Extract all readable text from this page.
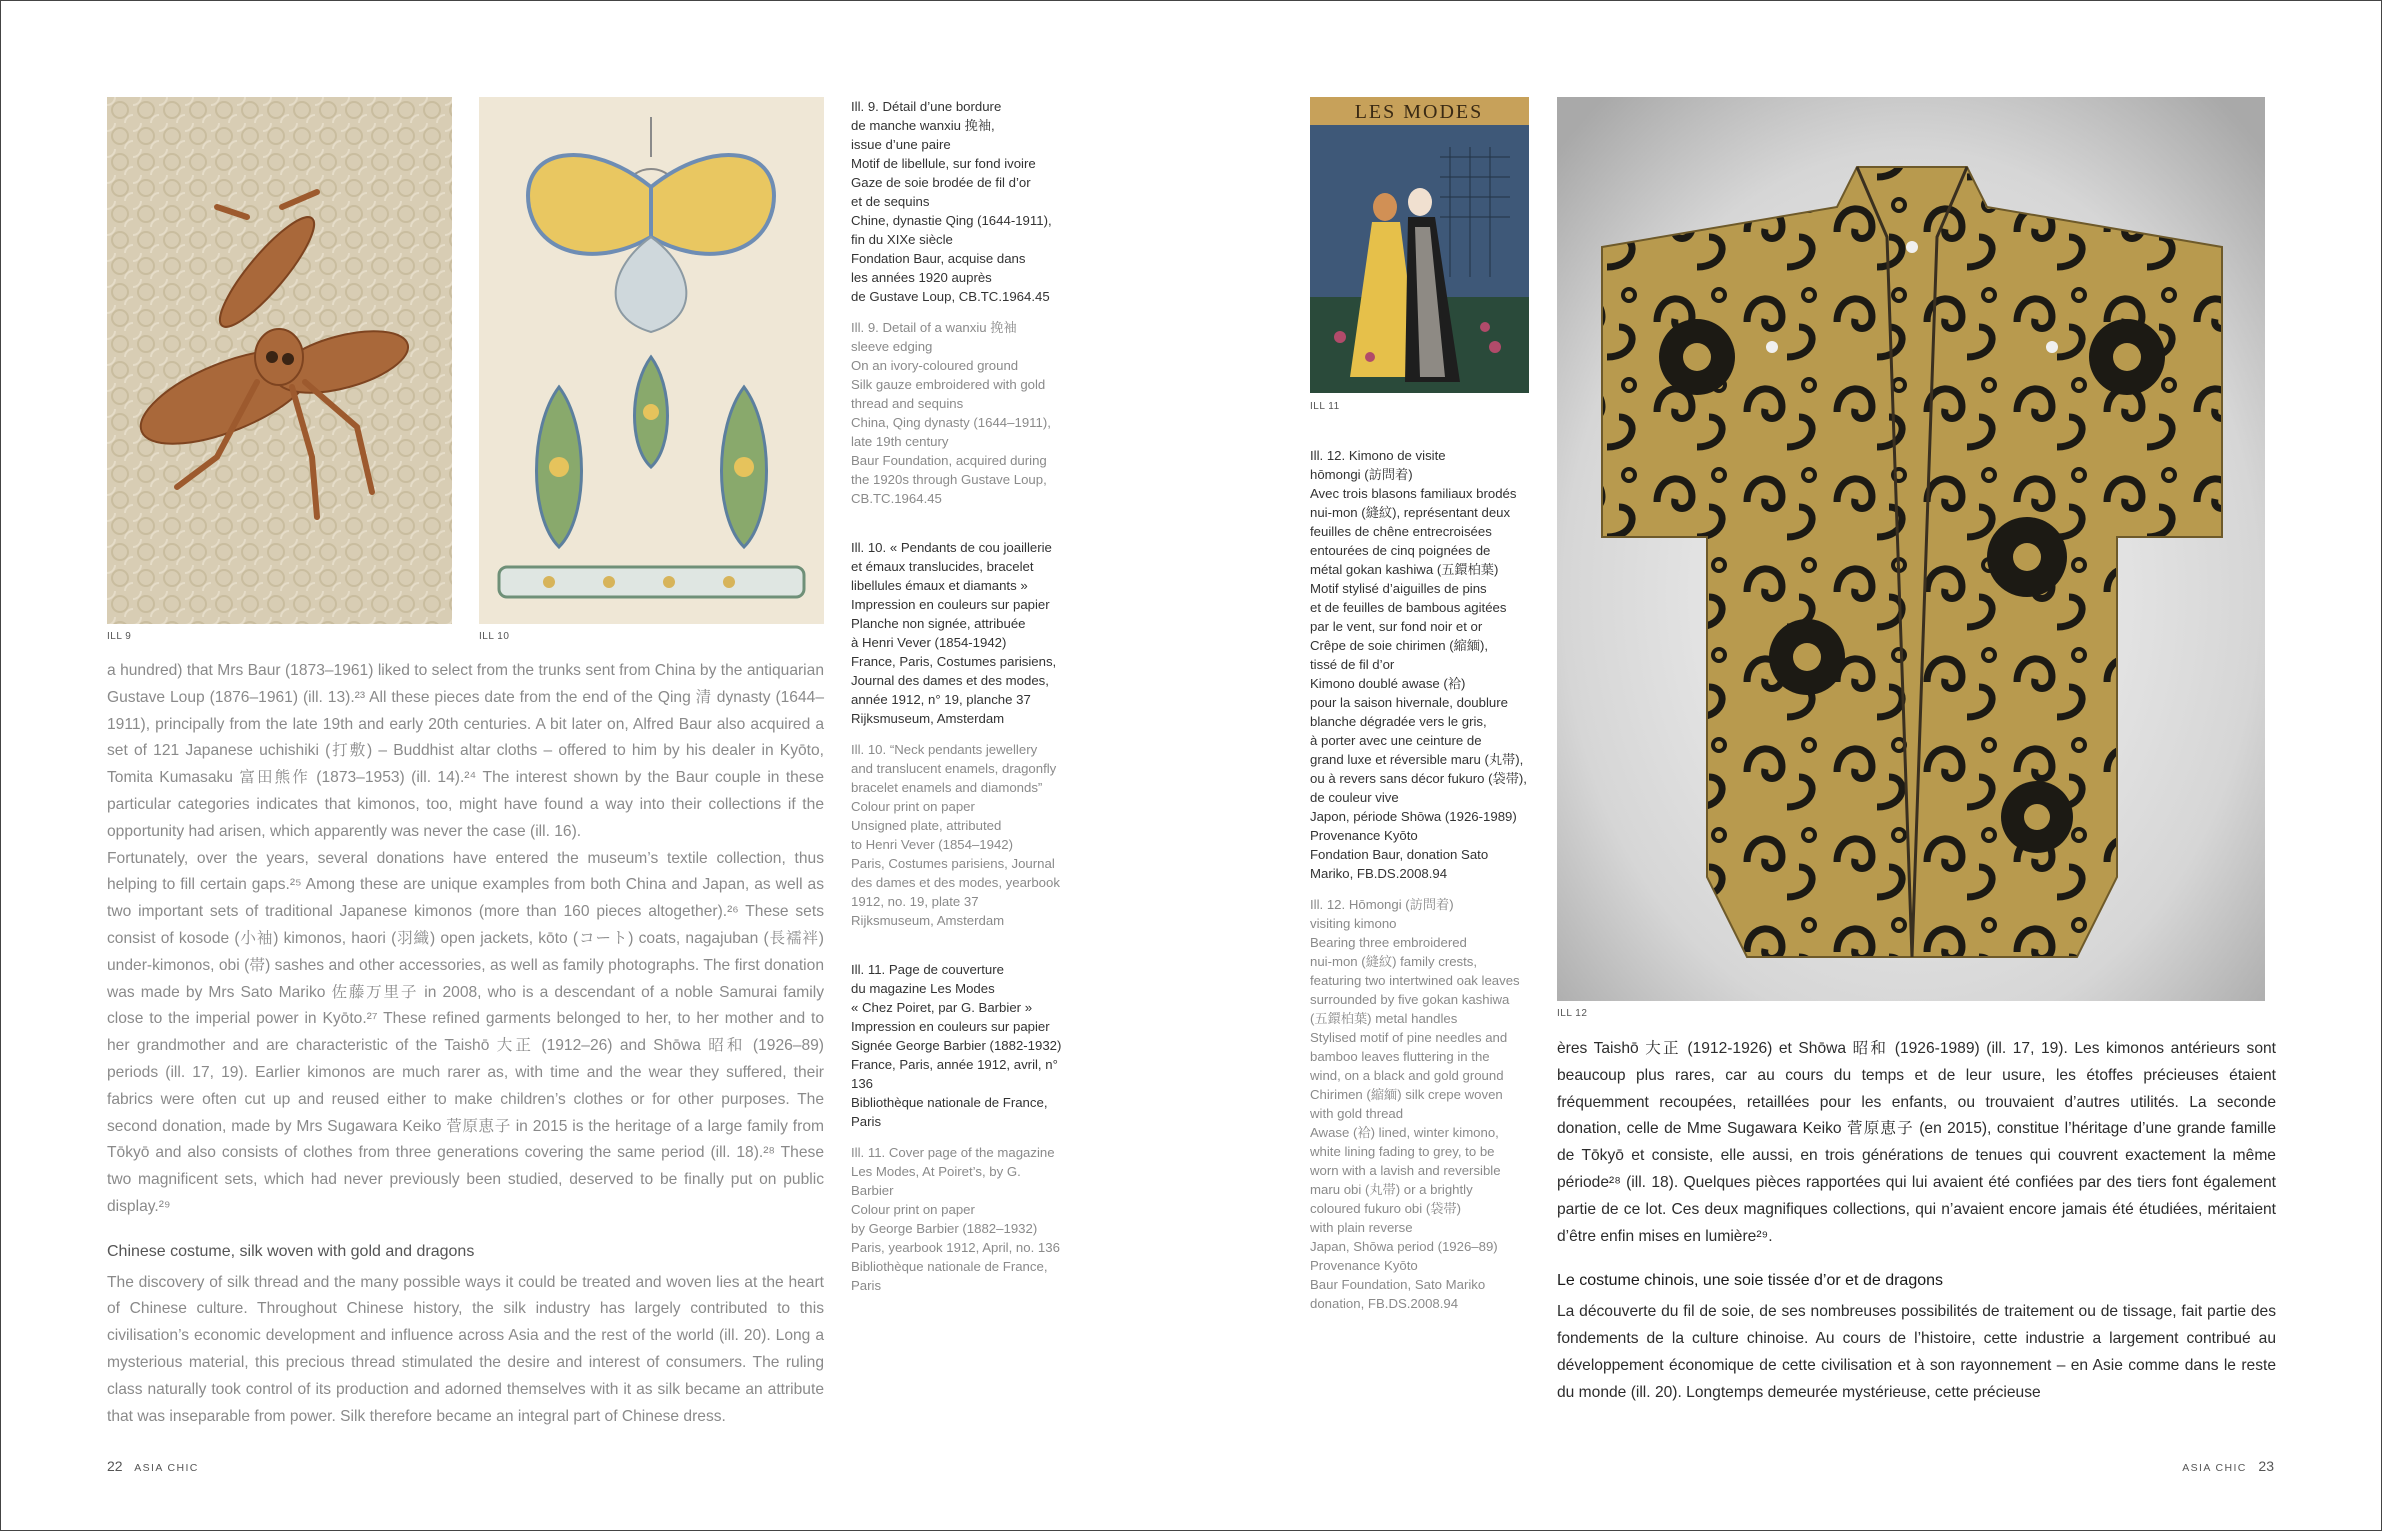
ILL 9	ILL 10

Ill. 9. Détail d’une bordure
de manche wanxiu 挽袖,
issue d’une paire
Motif de libellule, sur fond ivoire
Gaze de soie brodée de fil d’or
et de sequins
Chine, dynastie Qing (1644-1911),
fin du XIXe siècle
Fondation Baur, acquise dans
les années 1920 auprès
de Gustave Loup, CB.TC.1964.45

Ill. 9. Detail of a wanxiu 挽袖
sleeve edging
On an ivory-coloured ground
Silk gauze embroidered with gold
thread and sequins
China, Qing dynasty (1644–1911),
late 19th century
Baur Foundation, acquired during
the 1920s through Gustave Loup,
CB.TC.1964.45

Ill. 10. « Pendants de cou joaillerie
et émaux translucides, bracelet
libellules émaux et diamants »
Impression en couleurs sur papier
Planche non signée, attribuée
à Henri Vever (1854-1942)
France, Paris, Costumes parisiens,
Journal des dames et des modes,
année 1912, n° 19, planche 37
Rijksmuseum, Amsterdam

Ill. 10. “Neck pendants jewellery
and translucent enamels, dragonfly
bracelet enamels and diamonds”
Colour print on paper
Unsigned plate, attributed
to Henri Vever (1854–1942)
Paris, Costumes parisiens, Journal
des dames et des modes, yearbook
1912, no. 19, plate 37
Rijksmuseum, Amsterdam

Ill. 11. Page de couverture
du magazine Les Modes
« Chez Poiret, par G. Barbier »
Impression en couleurs sur papier
Signée George Barbier (1882-1932)
France, Paris, année 1912, avril, n° 136
Bibliothèque nationale de France,
Paris

Ill. 11. Cover page of the magazine
Les Modes, At Poiret’s, by G. Barbier
Colour print on paper
by George Barbier (1882–1932)
Paris, yearbook 1912, April, no. 136
Bibliothèque nationale de France,
Paris

a hundred) that Mrs Baur (1873–1961) liked to select from the trunks sent from China by the antiquarian Gustave Loup (1876–1961) (ill. 13).²³ All these pieces date from the end of the Qing 清 dynasty (1644–1911), principally from the late 19th and early 20th centuries. A bit later on, Alfred Baur also acquired a set of 121 Japanese uchishiki (打敷) – Buddhist altar cloths – offered to him by his dealer in Kyōto, Tomita Kumasaku 富田熊作 (1873–1953) (ill. 14).²⁴ The interest shown by the Baur couple in these particular categories indicates that kimonos, too, might have found a way into their collections if the opportunity had arisen, which apparently was never the case (ill. 16).

Fortunately, over the years, several donations have entered the museum’s textile collection, thus helping to fill certain gaps.²⁵ Among these are unique examples from both China and Japan, as well as two important sets of traditional Japanese kimonos (more than 160 pieces altogether).²⁶ These sets consist of kosode (小袖) kimonos, haori (羽織) open jackets, kōto (コート) coats, nagajuban (長襦袢) under-kimonos, obi (帯) sashes and other accessories, as well as family photographs. The first donation was made by Mrs Sato Mariko 佐藤万里子 in 2008, who is a descendant of a noble Samurai family close to the imperial power in Kyōto.²⁷ These refined garments belonged to her, to her mother and to her grandmother and are characteristic of the Taishō 大正 (1912–26) and Shōwa 昭和 (1926–89) periods (ill. 17, 19). Earlier kimonos are much rarer as, with time and the wear they suffered, their fabrics were often cut up and reused either to make children’s clothes or for other purposes. The second donation, made by Mrs Sugawara Keiko 菅原恵子 in 2015 is the heritage of a large family from Tōkyō and also consists of clothes from three generations covering the same period (ill. 18).²⁸ These two magnificent sets, which had never previously been studied, deserved to be finally put on public display.²⁹

Chinese costume, silk woven with gold and dragons

The discovery of silk thread and the many possible ways it could be treated and woven lies at the heart of Chinese culture. Throughout Chinese history, the silk industry has largely contributed to this civilisation’s economic development and influence across Asia and the rest of the world (ill. 20). Long a mysterious material, this precious thread stimulated the desire and interest of consumers. The ruling class naturally took control of its production and adorned themselves with it as silk became an attribute that was inseparable from power. Silk therefore became an integral part of Chinese dress.

LES MODES
ILL 11

Ill. 12. Kimono de visite
hōmongi (訪問着)
Avec trois blasons familiaux brodés
nui-mon (縫紋), représentant deux
feuilles de chêne entrecroisées
entourées de cinq poignées de
métal gokan kashiwa (五鐶柏葉)
Motif stylisé d’aiguilles de pins
et de feuilles de bambous agitées
par le vent, sur fond noir et or
Crêpe de soie chirimen (縮緬),
tissé de fil d’or
Kimono doublé awase (袷)
pour la saison hivernale, doublure
blanche dégradée vers le gris,
à porter avec une ceinture de
grand luxe et réversible maru (丸帯),
ou à revers sans décor fukuro (袋帯),
de couleur vive
Japon, période Shōwa (1926-1989)
Provenance Kyōto
Fondation Baur, donation Sato
Mariko, FB.DS.2008.94

Ill. 12. Hōmongi (訪問着)
visiting kimono
Bearing three embroidered
nui-mon (縫紋) family crests,
featuring two intertwined oak leaves
surrounded by five gokan kashiwa
(五鐶柏葉) metal handles
Stylised motif of pine needles and
bamboo leaves fluttering in the
wind, on a black and gold ground
Chirimen (縮緬) silk crepe woven
with gold thread
Awase (袷) lined, winter kimono,
white lining fading to grey, to be
worn with a lavish and reversible
maru obi (丸帯) or a brightly
coloured fukuro obi (袋帯)
with plain reverse
Japan, Shōwa period (1926–89)
Provenance Kyōto
Baur Foundation, Sato Mariko
donation, FB.DS.2008.94

ILL 12

ères Taishō 大正 (1912-1926) et Shōwa 昭和 (1926-1989) (ill. 17, 19). Les kimonos antérieurs sont beaucoup plus rares, car au cours du temps et de leur usure, les étoffes précieuses étaient fréquemment recoupées, retaillées pour les enfants, ou trouvaient d’autres utilités. La seconde donation, celle de Mme Sugawara Keiko 菅原恵子 (en 2015), constitue l’héritage d’une grande famille de Tōkyō et consiste, elle aussi, en trois générations de tenues qui couvrent exactement la même période²⁸ (ill. 18). Quelques pièces rapportées qui lui avaient été confiées par des tiers font également partie de ce lot. Ces deux magnifiques collections, qui n’avaient encore jamais été étudiées, méritaient d’être enfin mises en lumière²⁹.

Le costume chinois, une soie tissée d’or et de dragons

La découverte du fil de soie, de ses nombreuses possibilités de traitement ou de tissage, fait partie des fondements de la culture chinoise. Au cours de l’histoire, cette industrie a largement contribué au développement économique de cette civilisation et à son rayonnement – en Asie comme dans le reste du monde (ill. 20). Longtemps demeurée mystérieuse, cette précieuse

22 ASIA CHIC	ASIA CHIC 23
